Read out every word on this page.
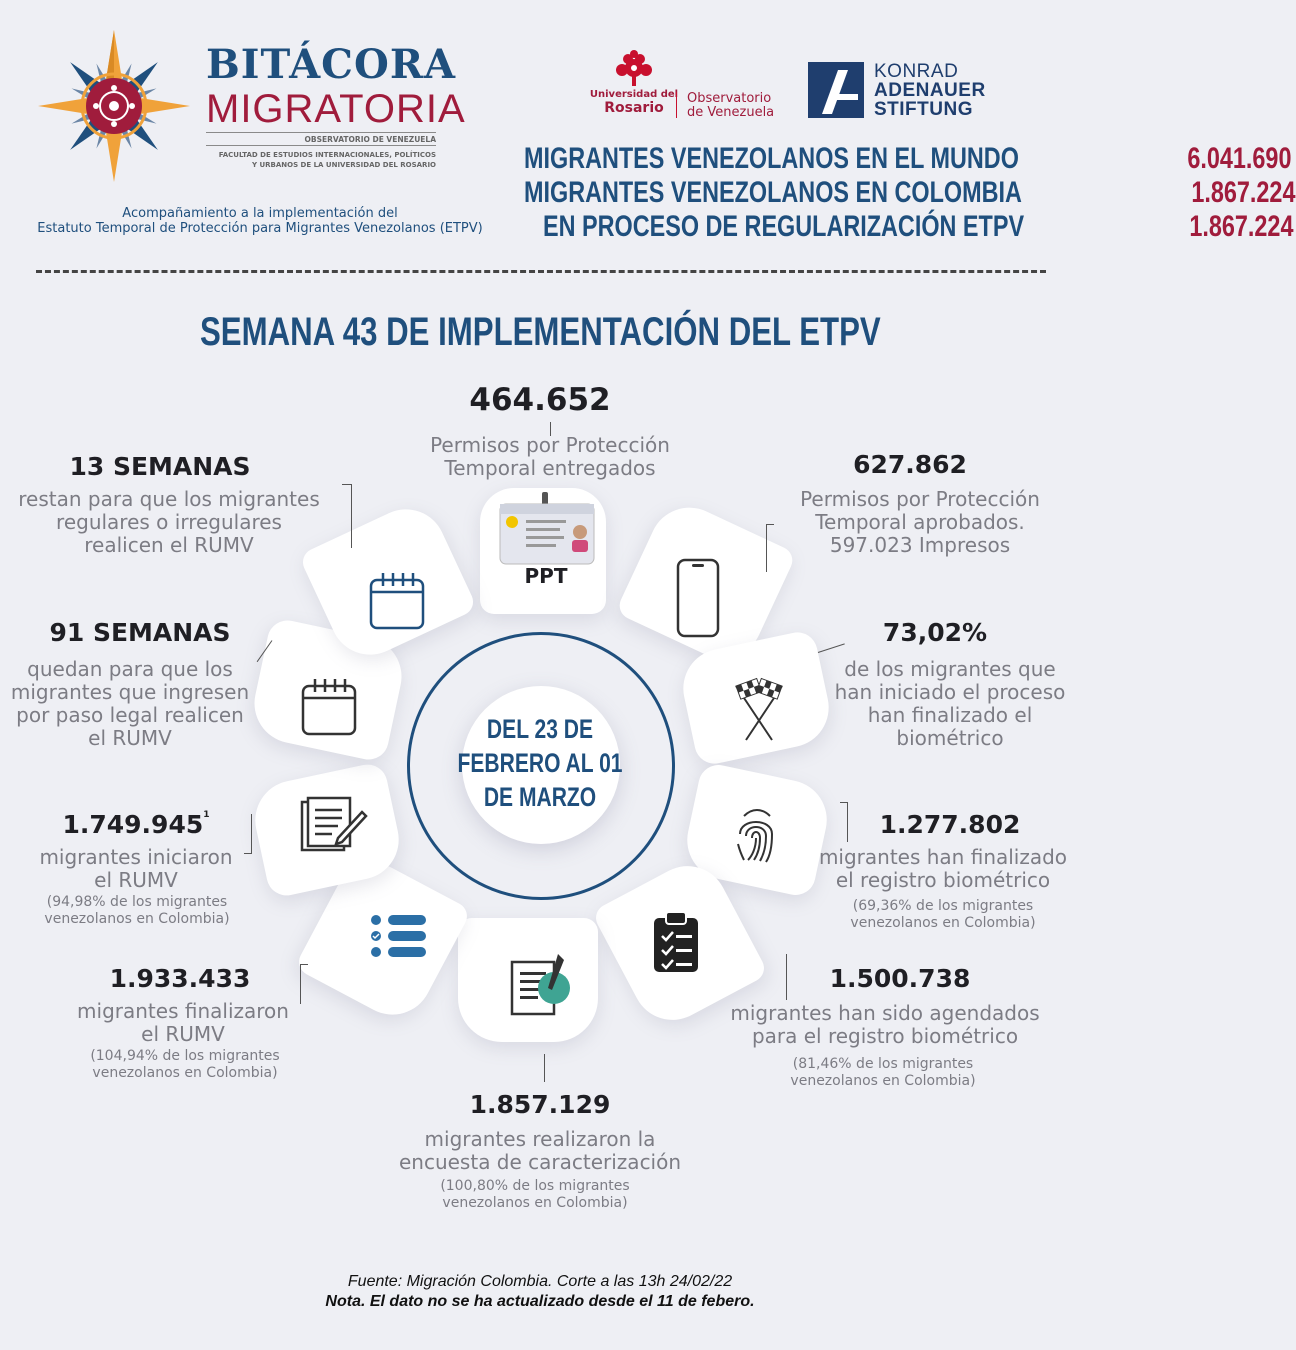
BITÁCORA
MIGRATORIA
OBSERVATORIO DE VENEZUELA
FACULTAD DE ESTUDIOS INTERNACIONALES, POLÍTICOS
Y URBANOS DE LA UNIVERSIDAD DEL ROSARIO
Acompañamiento a la implementación del
Estatuto Temporal de Protección para Migrantes Venezolanos (ETPV)
Universidad del
Rosario
Observatorio
de Venezuela
KONRAD
ADENAUER
STIFTUNG
MIGRANTES VENEZOLANOS EN EL MUNDO	6.041.690
MIGRANTES VENEZOLANOS EN COLOMBIA	1.867.224
EN PROCESO DE REGULARIZACIÓN ETPV	1.867.224
SEMANA 43 DE IMPLEMENTACIÓN DEL ETPV
DEL 23 DE
FEBRERO AL 01
DE MARZO
PPT
464.652
Permisos por Protección
Temporal entregados	627.862
Permisos por Protección
Temporal aprobados.
597.023 Impresos
73,02%
de los migrantes que
han iniciado el proceso
han finalizado el
biométrico
1.277.802
migrantes han finalizado
el registro biométrico
(69,36% de los migrantes
venezolanos en Colombia)
1.500.738
migrantes han sido agendados
para el registro biométrico
(81,46% de los migrantes
venezolanos en Colombia)
1.857.129
migrantes realizaron la
encuesta de caracterización
(100,80% de los migrantes
venezolanos en Colombia)
1.933.433
migrantes finalizaron
el RUMV
(104,94% de los migrantes
venezolanos en Colombia)
1.749.945$^1$
migrantes iniciaron
el RUMV
(94,98% de los migrantes
venezolanos en Colombia)
91 SEMANAS
quedan para que los
migrantes que ingresen
por paso legal realicen
el RUMV
13 SEMANAS
restan para que los migrantes
regulares o irregulares
realicen el RUMV
Fuente: Migración Colombia. Corte a las 13h 24/02/22
Nota. El dato no se ha actualizado desde el 11 de febero.
